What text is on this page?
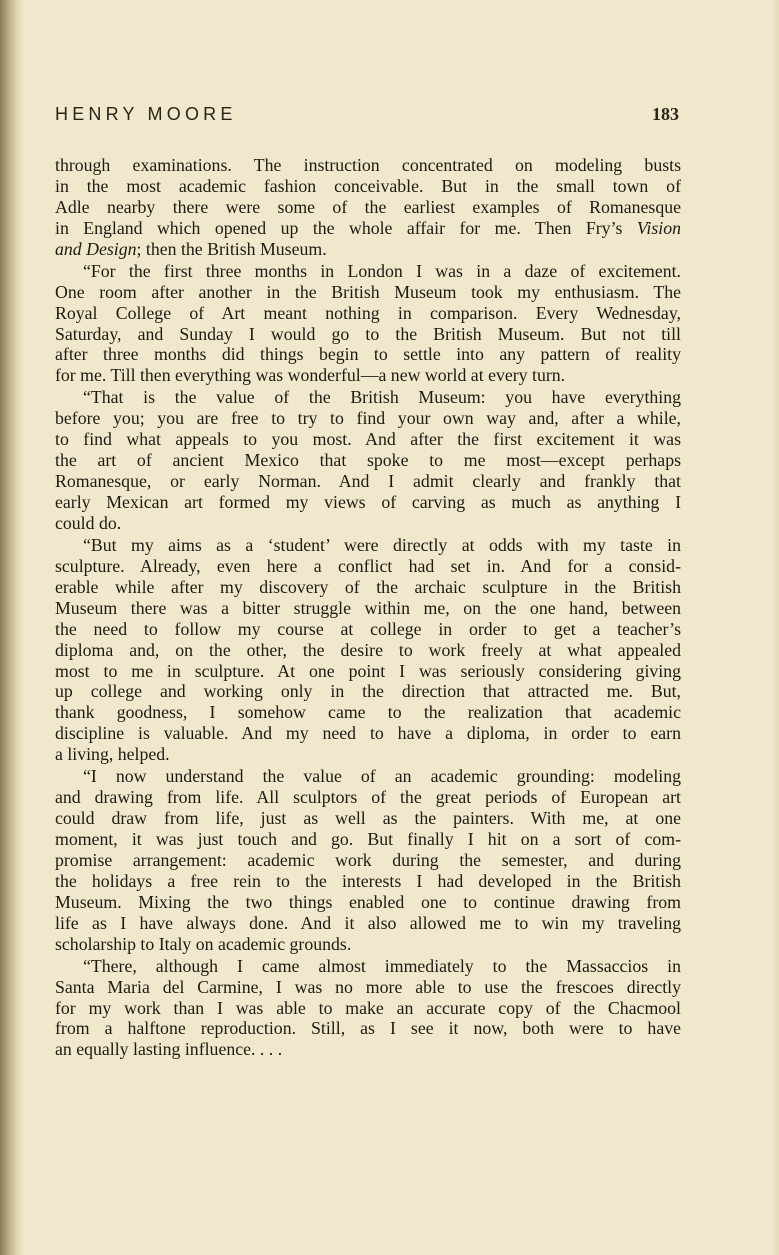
HENRY MOORE	183
through examinations. The instruction concentrated on modeling busts
in the most academic fashion conceivable. But in the small town of
Adle nearby there were some of the earliest examples of Romanesque
in England which opened up the whole affair for me. Then Fry’s Vision
and Design; then the British Museum.
“For the first three months in London I was in a daze of excitement.
One room after another in the British Museum took my enthusiasm. The
Royal College of Art meant nothing in comparison. Every Wednesday,
Saturday, and Sunday I would go to the British Museum. But not till
after three months did things begin to settle into any pattern of reality
for me. Till then everything was wonderful—a new world at every turn.
“That is the value of the British Museum: you have everything
before you; you are free to try to find your own way and, after a while,
to find what appeals to you most. And after the first excitement it was
the art of ancient Mexico that spoke to me most—except perhaps
Romanesque, or early Norman. And I admit clearly and frankly that
early Mexican art formed my views of carving as much as anything I
could do.
“But my aims as a ‘student’ were directly at odds with my taste in
sculpture. Already, even here a conflict had set in. And for a consid-
erable while after my discovery of the archaic sculpture in the British
Museum there was a bitter struggle within me, on the one hand, between
the need to follow my course at college in order to get a teacher’s
diploma and, on the other, the desire to work freely at what appealed
most to me in sculpture. At one point I was seriously considering giving
up college and working only in the direction that attracted me. But,
thank goodness, I somehow came to the realization that academic
discipline is valuable. And my need to have a diploma, in order to earn
a living, helped.
“I now understand the value of an academic grounding: modeling
and drawing from life. All sculptors of the great periods of European art
could draw from life, just as well as the painters. With me, at one
moment, it was just touch and go. But finally I hit on a sort of com-
promise arrangement: academic work during the semester, and during
the holidays a free rein to the interests I had developed in the British
Museum. Mixing the two things enabled one to continue drawing from
life as I have always done. And it also allowed me to win my traveling
scholarship to Italy on academic grounds.
“There, although I came almost immediately to the Massaccios in
Santa Maria del Carmine, I was no more able to use the frescoes directly
for my work than I was able to make an accurate copy of the Chacmool
from a halftone reproduction. Still, as I see it now, both were to have
an equally lasting influence. . . .
